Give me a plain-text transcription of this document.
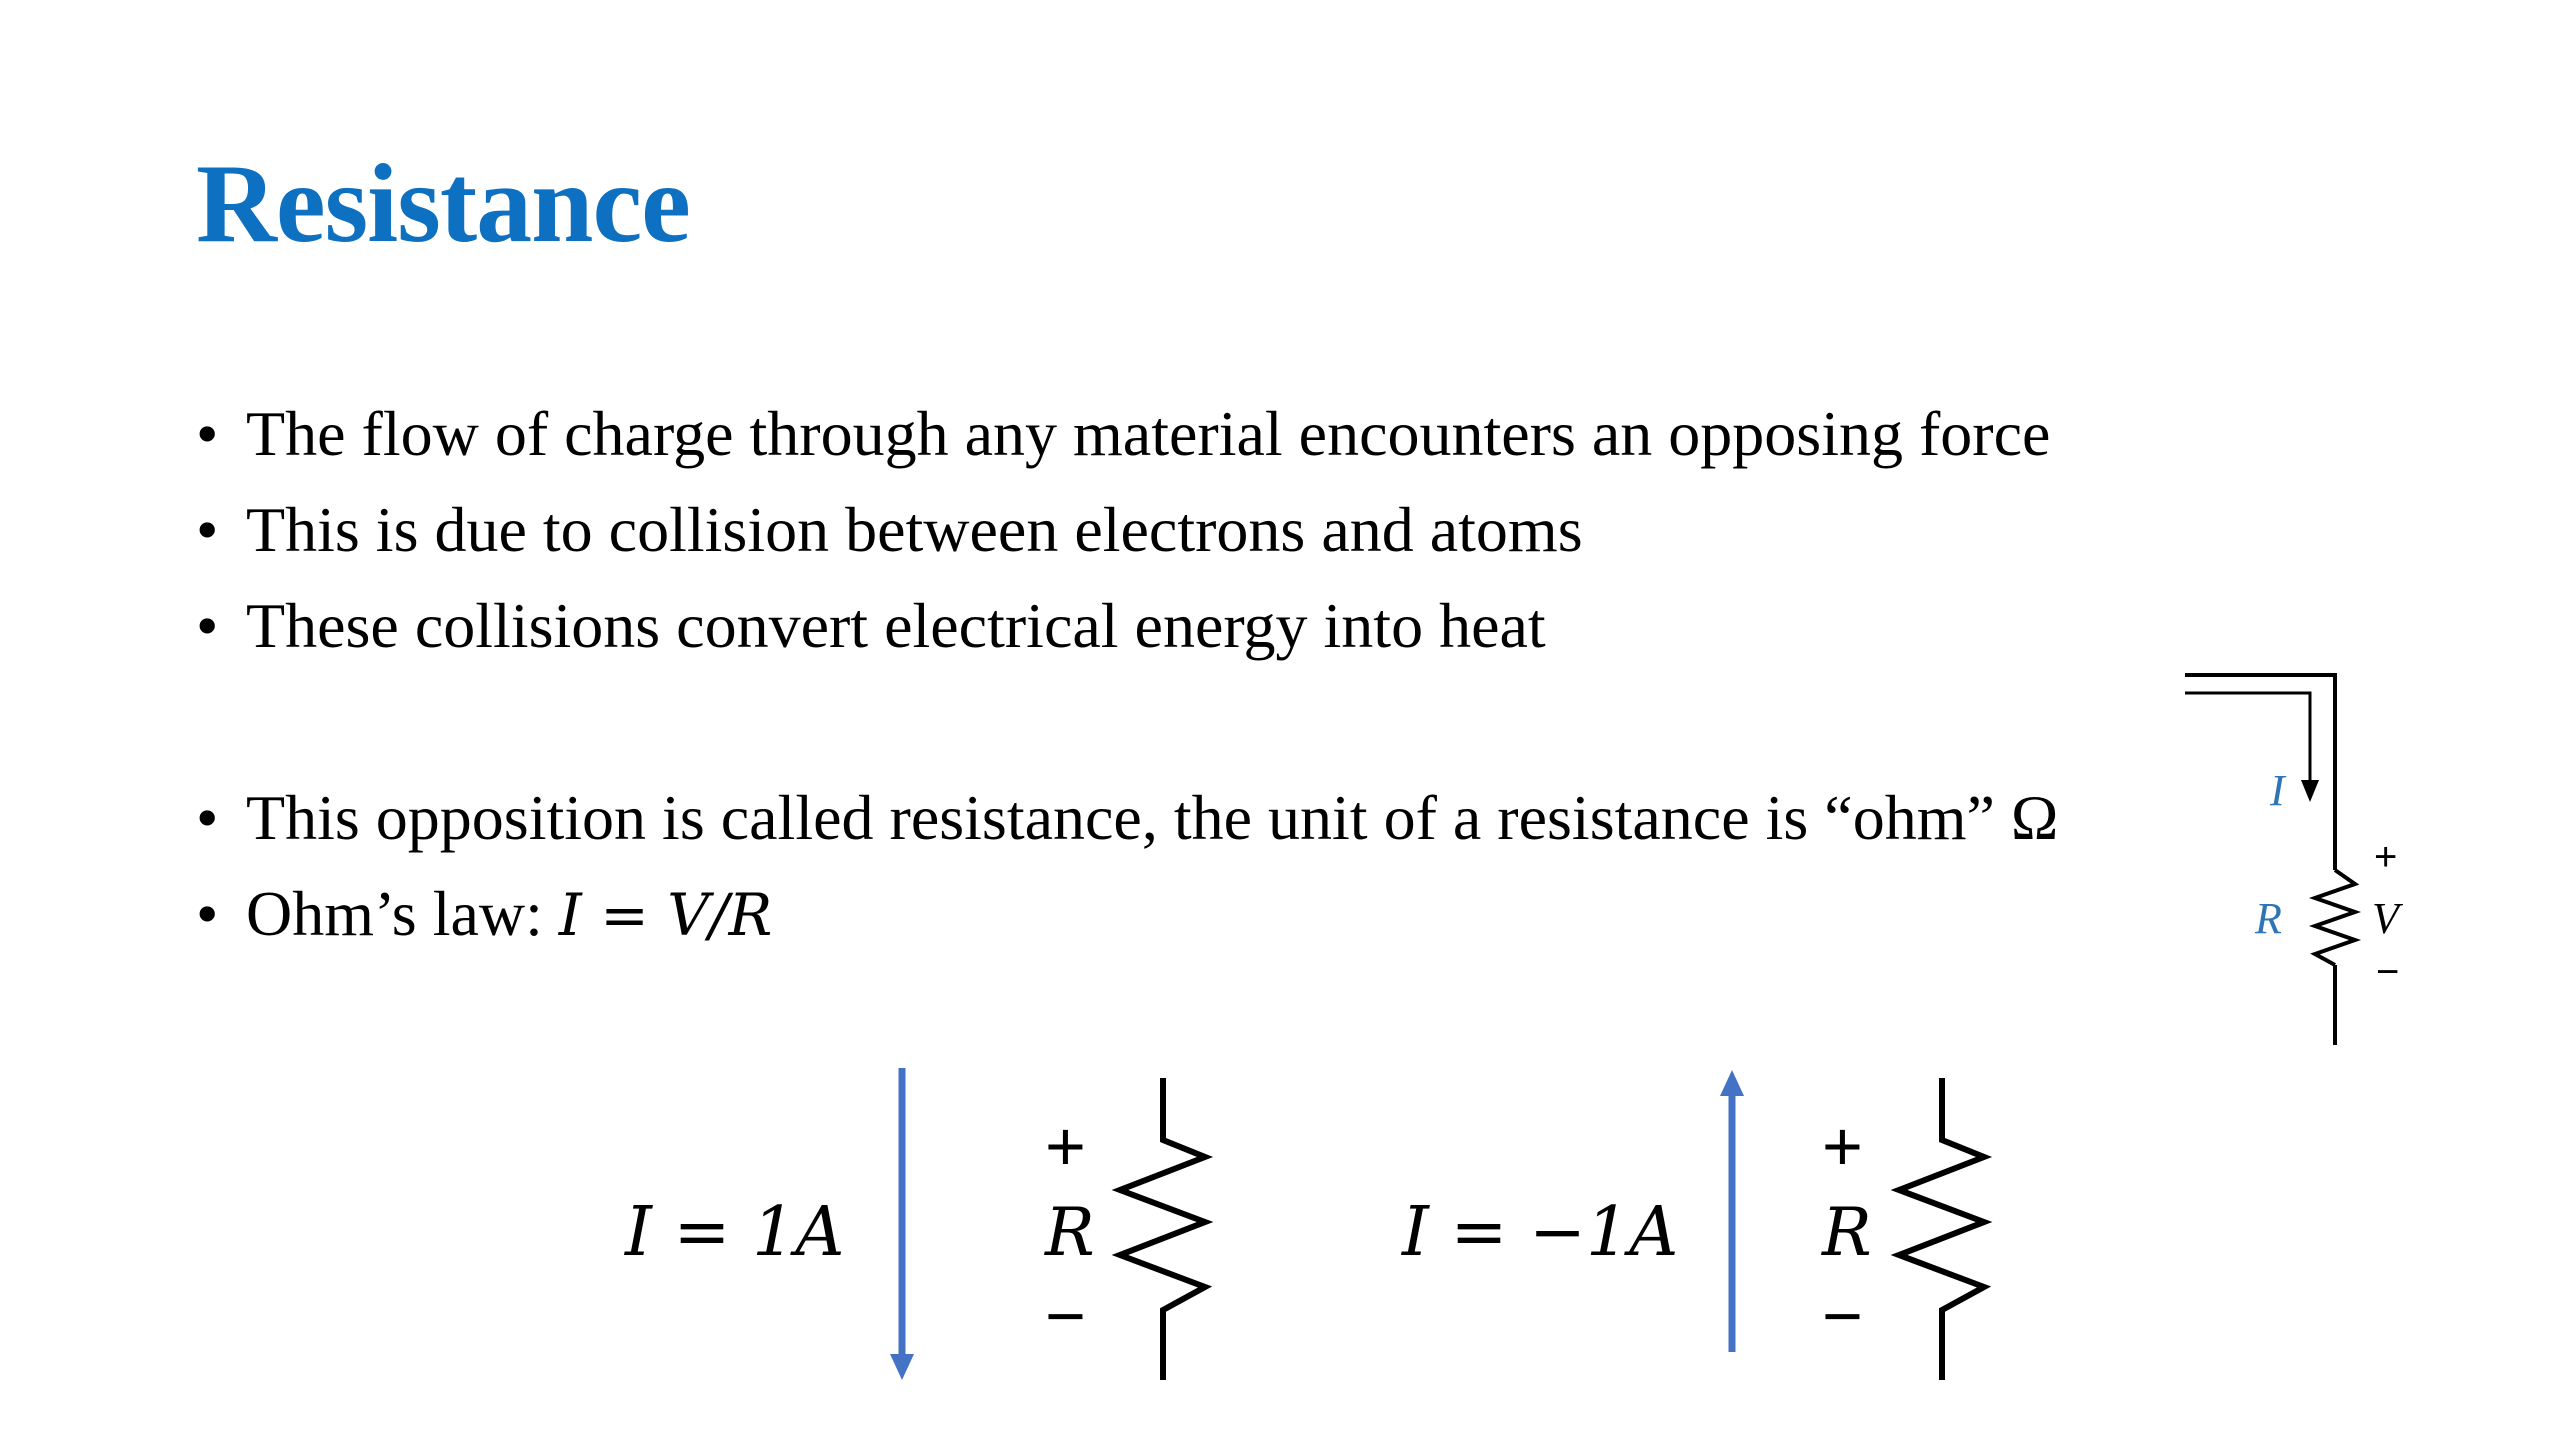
Resistance
• The flow of charge through any material encounters an opposing force
• This is due to collision between electrons and atoms
• These collisions convert electrical energy into heat
• This opposition is called resistance, the unit of a resistance is “ohm” Ω
• Ohm’s law: I = V/R
I
R V
+
−
I = 1A
+
R
−
I = −1A
+
R
−
